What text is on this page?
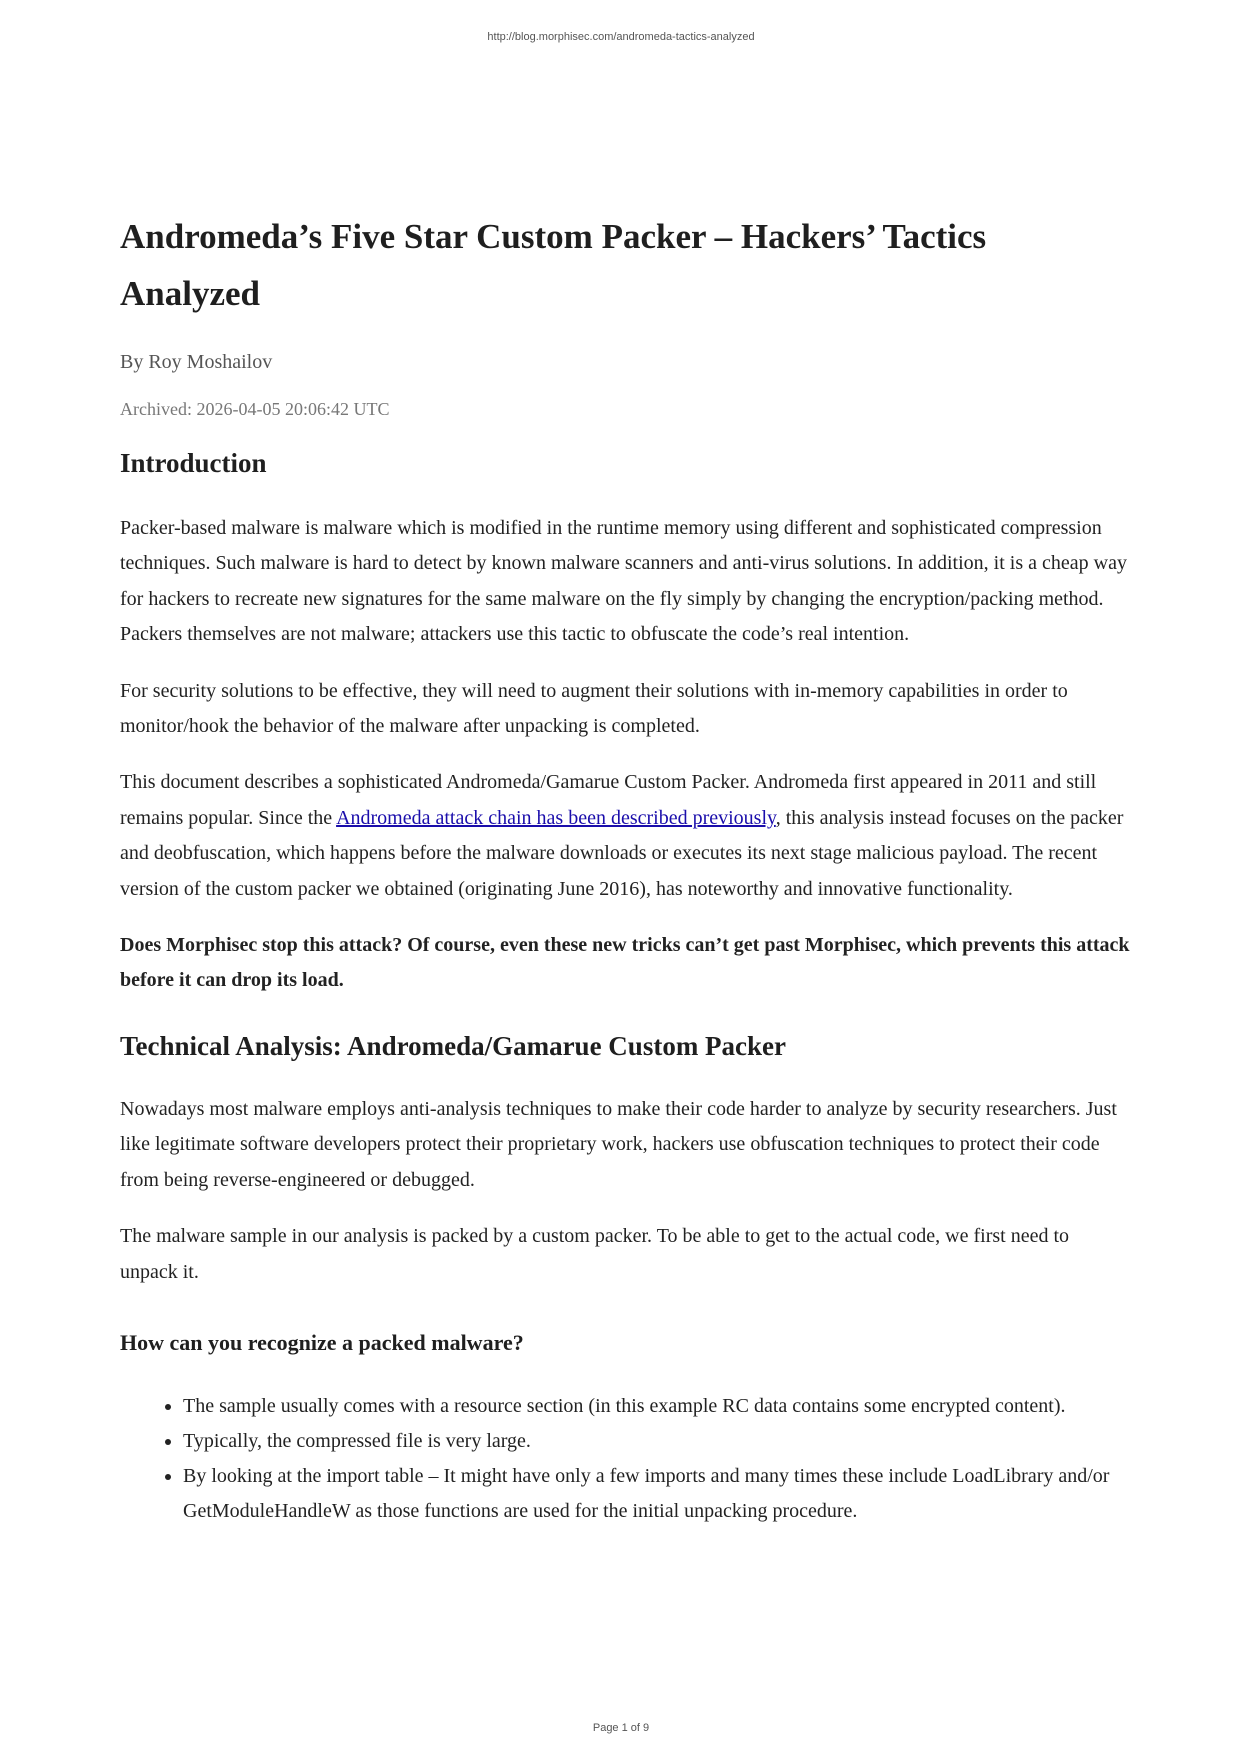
http://blog.morphisec.com/andromeda-tactics-analyzed
Andromeda’s Five Star Custom Packer – Hackers’ Tactics Analyzed
By Roy Moshailov
Archived: 2026-04-05 20:06:42 UTC
Introduction

Packer-based malware is malware which is modified in the runtime memory using different and sophisticated compression techniques. Such malware is hard to detect by known malware scanners and anti-virus solutions. In addition, it is a cheap way for hackers to recreate new signatures for the same malware on the fly simply by changing the encryption/packing method. Packers themselves are not malware; attackers use this tactic to obfuscate the code’s real intention.

For security solutions to be effective, they will need to augment their solutions with in-memory capabilities in order to monitor/hook the behavior of the malware after unpacking is completed.

This document describes a sophisticated Andromeda/Gamarue Custom Packer. Andromeda first appeared in 2011 and still remains popular. Since the Andromeda attack chain has been described previously, this analysis instead focuses on the packer and deobfuscation, which happens before the malware downloads or executes its next stage malicious payload. The recent version of the custom packer we obtained (originating June 2016), has noteworthy and innovative functionality.

Does Morphisec stop this attack? Of course, even these new tricks can’t get past Morphisec, which prevents this attack before it can drop its load.

Technical Analysis: Andromeda/Gamarue Custom Packer

Nowadays most malware employs anti-analysis techniques to make their code harder to analyze by security researchers. Just like legitimate software developers protect their proprietary work, hackers use obfuscation techniques to protect their code from being reverse-engineered or debugged.

The malware sample in our analysis is packed by a custom packer. To be able to get to the actual code, we first need to unpack it.

How can you recognize a packed malware?
• The sample usually comes with a resource section (in this example RC data contains some encrypted content).
• Typically, the compressed file is very large.
• By looking at the import table – It might have only a few imports and many times these include LoadLibrary and/or GetModuleHandleW as those functions are used for the initial unpacking procedure.
Page 1 of 9
